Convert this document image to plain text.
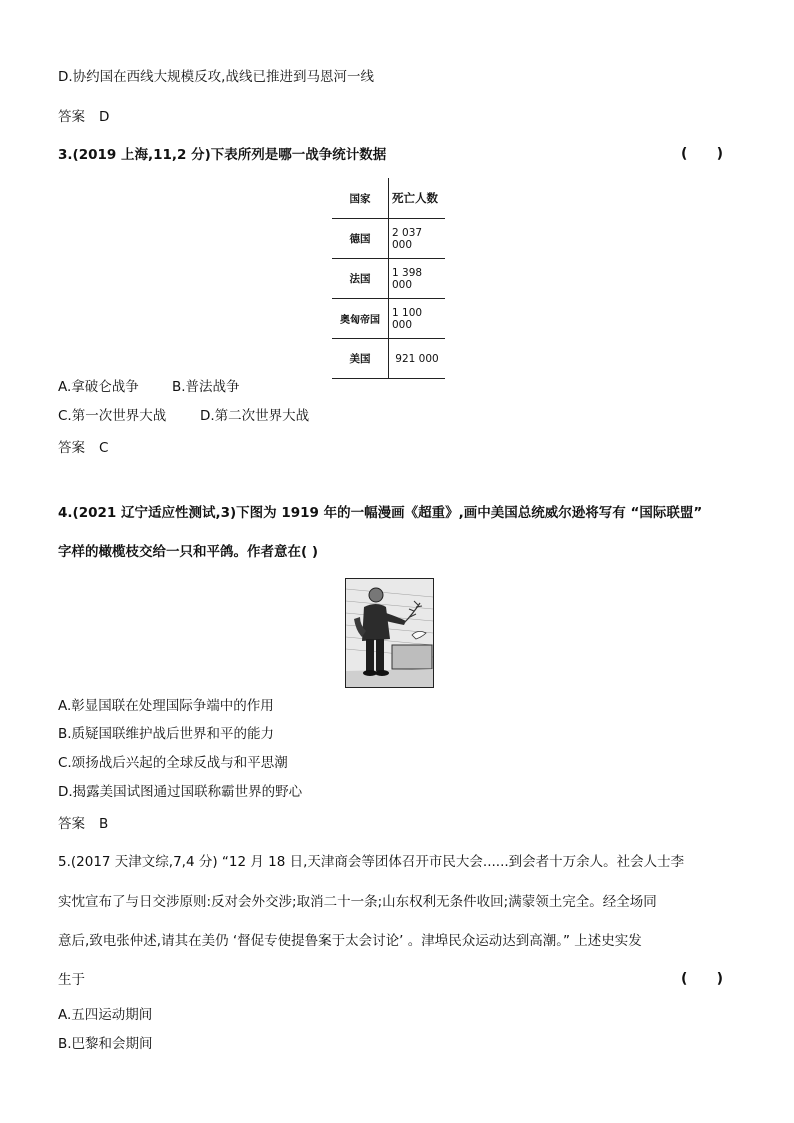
D.协约国在西线大规模反攻,战线已推进到马恩河一线
答案 D
3.(2019 上海,11,2 分)下表所列是哪一战争统计数据	(      )
国家	死亡人数
德国	2 037 000
法国	1 398 000
奥匈帝国	1 100 000
美国	921 000
A.拿破仑战争 B.普法战争
C.第一次世界大战	D.第二次世界大战
答案 C
4.(2021 辽宁适应性测试,3)下图为 1919 年的一幅漫画《超重》,画中美国总统威尔逊将写有 “国际联盟”
字样的橄榄枝交给一只和平鸽。作者意在( )
A.彰显国联在处理国际争端中的作用
B.质疑国联维护战后世界和平的能力
C.颂扬战后兴起的全球反战与和平思潮
D.揭露美国试图通过国联称霸世界的野心
答案 B
5.(2017 天津文综,7,4 分) “12 月 18 日,天津商会等团体召开市民大会......到会者十万余人。社会人士李
实忱宣布了与日交涉原则:反对会外交涉;取消二十一条;山东权利无条件收回;满蒙领土完全。经全场同
意后,致电张仲述,请其在美仍 ‘督促专使提鲁案于太会讨论’ 。津埠民众运动达到高潮。” 上述史实发
生于	(      )
A.五四运动期间
B.巴黎和会期间
